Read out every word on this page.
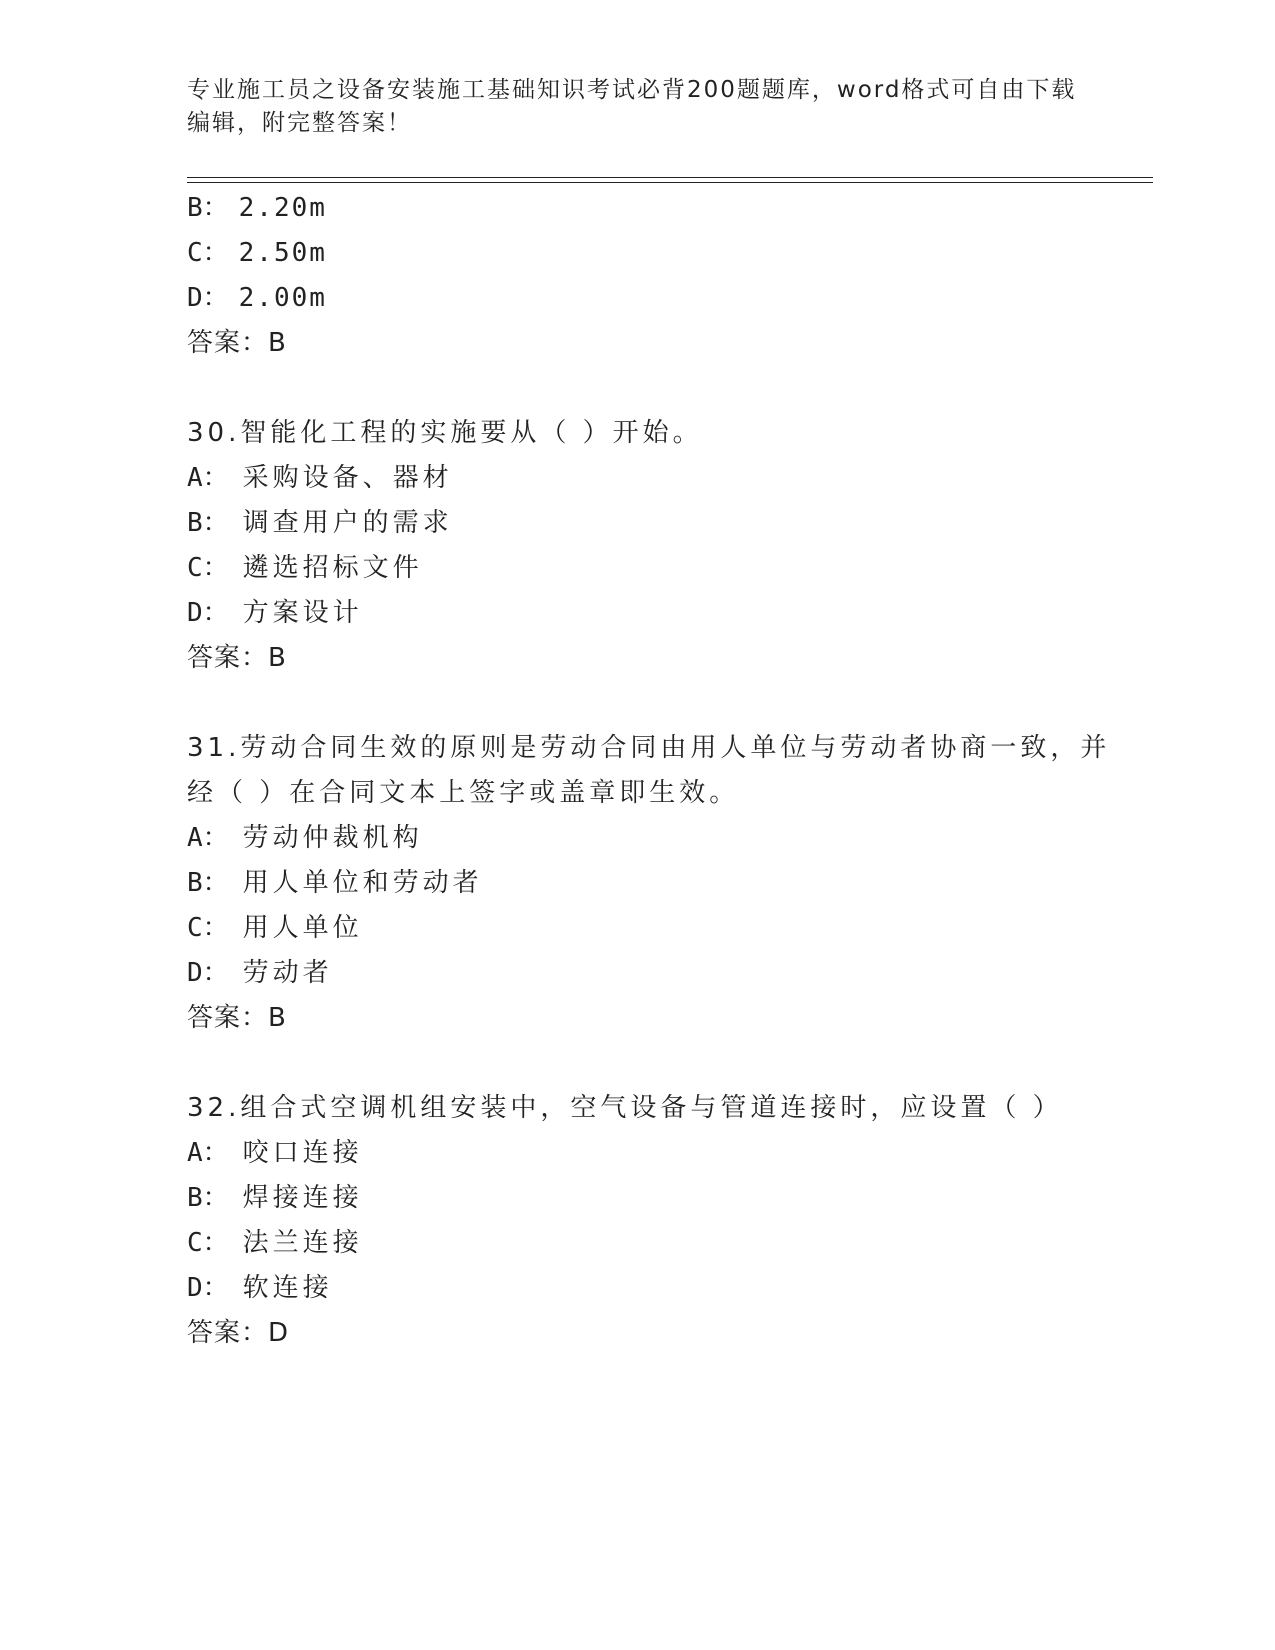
专业施工员之设备安装施工基础知识考试必背200题题库，word格式可自由下载
编辑，附完整答案！
B： 2.20m
C： 2.50m
D： 2.00m
答案：B
30.智能化工程的实施要从（ ）开始。
A： 采购设备、器材
B： 调查用户的需求
C： 遴选招标文件
D： 方案设计
答案：B
31.劳动合同生效的原则是劳动合同由用人单位与劳动者协商一致，并
经（ ）在合同文本上签字或盖章即生效。
A： 劳动仲裁机构
B： 用人单位和劳动者
C： 用人单位
D： 劳动者
答案：B
32.组合式空调机组安装中，空气设备与管道连接时，应设置（ ）
A： 咬口连接
B： 焊接连接
C： 法兰连接
D： 软连接
答案：D
